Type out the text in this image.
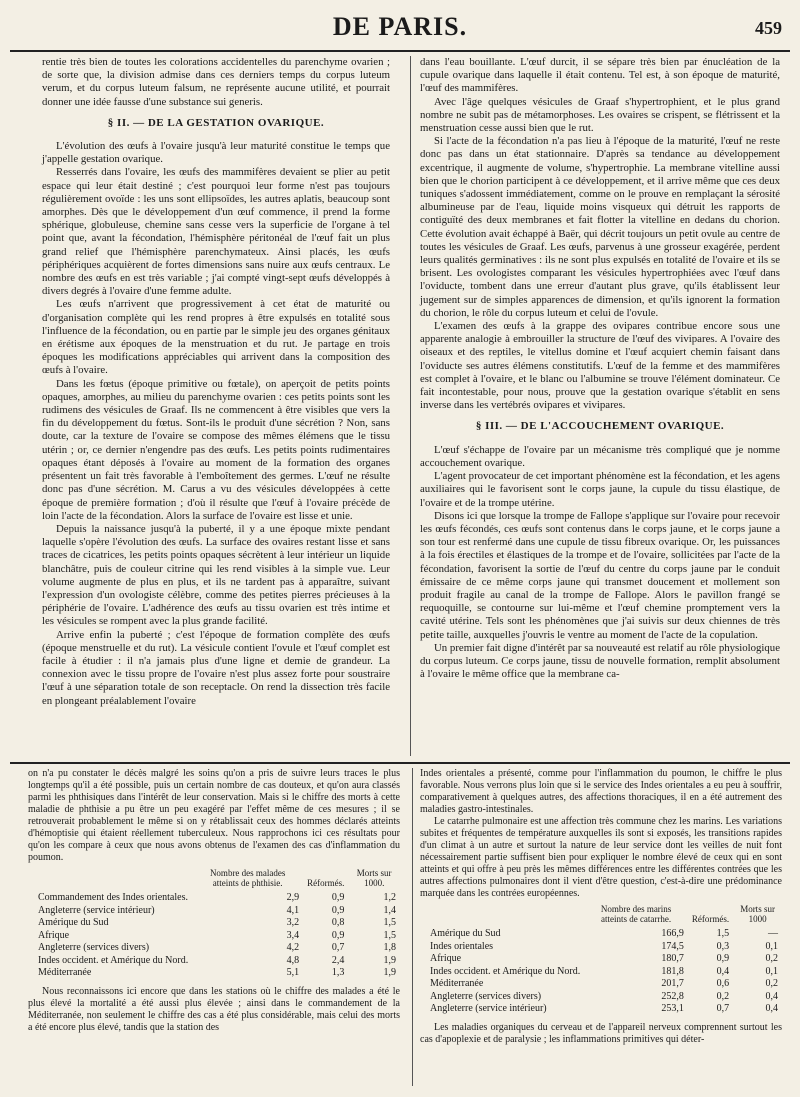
DE PARIS.	459

rentie très bien de toutes les colorations accidentelles du parenchyme ovarien ; de sorte que, la division admise dans ces derniers temps du corpus luteum verum, et du corpus luteum falsum, ne représente aucune utilité, et pourrait donner une idée fausse d'une substance sui generis.

§ II. — DE LA GESTATION OVARIQUE.

L'évolution des œufs à l'ovaire jusqu'à leur maturité constitue le temps que j'appelle gestation ovarique.

Resserrés dans l'ovaire, les œufs des mammifères devaient se plier au petit espace qui leur était destiné ; c'est pourquoi leur forme n'est pas toujours régulièrement ovoïde : les uns sont ellipsoïdes, les autres aplatis, beaucoup sont amorphes. Dès que le développement d'un œuf commence, il prend la forme sphérique, globuleuse, chemine sans cesse vers la superficie de l'organe à tel point que, avant la fécondation, l'hémisphère péritonéal de l'œuf fait un plus grand relief que l'hémisphère parenchymateux. Ainsi placés, les œufs périphériques acquièrent de fortes dimensions sans nuire aux œufs centraux. Le nombre des œufs en est très variable ; j'ai compté vingt-sept œufs développés à divers degrés à l'ovaire d'une femme adulte.

Les œufs n'arrivent que progressivement à cet état de maturité ou d'organisation complète qui les rend propres à être expulsés en totalité sous l'influence de la fécondation, ou en partie par le simple jeu des organes génitaux en érétisme aux époques de la menstruation et du rut. Je partage en trois époques les modifications appréciables qui arrivent dans la composition des œufs à l'ovaire.

Dans les fœtus (époque primitive ou fœtale), on aperçoit de petits points opaques, amorphes, au milieu du parenchyme ovarien : ces petits points sont les rudimens des vésicules de Graaf. Ils ne commencent à être visibles que vers la fin du développement du fœtus. Sont-ils le produit d'une sécrétion ? Non, sans doute, car la texture de l'ovaire se compose des mêmes élémens que le tissu utérin ; or, ce dernier n'engendre pas des œufs. Les petits points rudimentaires opaques étant déposés à l'ovaire au moment de la formation des organes présentent un fait très favorable à l'emboîtement des germes. L'œuf ne résulte donc pas d'une sécrétion. M. Carus a vu des vésicules développées à cette époque de première formation ; d'où il résulte que l'œuf à l'ovaire précède de loin l'acte de la fécondation. Alors la surface de l'ovaire est lisse et unie.

Depuis la naissance jusqu'à la puberté, il y a une époque mixte pendant laquelle s'opère l'évolution des œufs. La surface des ovaires restant lisse et sans traces de cicatrices, les petits points opaques sécrètent à leur intérieur un liquide blanchâtre, puis de couleur citrine qui les rend visibles à la simple vue. Leur volume augmente de plus en plus, et ils ne tardent pas à apparaître, suivant l'expression d'un ovologiste célèbre, comme des petites pierres précieuses à la périphérie de l'ovaire. L'adhérence des œufs au tissu ovarien est très intime et les vésicules se rompent avec la plus grande facilité.

Arrive enfin la puberté ; c'est l'époque de formation complète des œufs (époque menstruelle et du rut). La vésicule contient l'ovule et l'œuf complet est facile à étudier : il n'a jamais plus d'une ligne et demie de grandeur. La connexion avec le tissu propre de l'ovaire n'est plus assez forte pour soustraire l'œuf à une séparation totale de son receptacle. On rend la dissection très facile en plongeant préalablement l'ovaire

dans l'eau bouillante. L'œuf durcit, il se sépare très bien par énucléation de la cupule ovarique dans laquelle il était contenu. Tel est, à son époque de maturité, l'œuf des mammifères.

Avec l'âge quelques vésicules de Graaf s'hypertrophient, et le plus grand nombre ne subit pas de métamorphoses. Les ovaires se crispent, se flétrissent et la menstruation cesse aussi bien que le rut.

Si l'acte de la fécondation n'a pas lieu à l'époque de la maturité, l'œuf ne reste donc pas dans un état stationnaire. D'après sa tendance au développement excentrique, il augmente de volume, s'hypertrophie. La membrane vitelline aussi bien que le chorion participent à ce développement, et il arrive même que ces deux tuniques s'adossent immédiatement, comme on le prouve en remplaçant la sérosité albumineuse par de l'eau, liquide moins visqueux qui détruit les rapports de contiguïté des deux membranes et fait flotter la vitelline en dedans du chorion. Cette évolution avait échappé à Baër, qui décrit toujours un petit ovule au centre de toutes les vésicules de Graaf. Les œufs, parvenus à une grosseur exagérée, perdent leurs qualités germinatives : ils ne sont plus expulsés en totalité de l'ovaire et ils se brisent. Les ovologistes comparant les vésicules hypertrophiées avec l'œuf dans l'oviducte, tombent dans une erreur d'autant plus grave, qu'ils établissent leur jugement sur de simples apparences de dimension, et qu'ils ignorent la formation du chorion, le rôle du corpus luteum et celui de l'ovule.

L'examen des œufs à la grappe des ovipares contribue encore sous une apparente analogie à embrouiller la structure de l'œuf des vivipares. A l'ovaire des oiseaux et des reptiles, le vitellus domine et l'œuf acquiert chemin faisant dans l'oviducte ses autres élémens constitutifs. L'œuf de la femme et des mammifères est complet à l'ovaire, et le blanc ou l'albumine se trouve l'élément dominateur. Ce fait incontestable, pour nous, prouve que la gestation ovarique s'établit en sens inverse dans les vertébrés ovipares et vivipares.

§ III. — DE L'ACCOUCHEMENT OVARIQUE.

L'œuf s'échappe de l'ovaire par un mécanisme très compliqué que je nomme accouchement ovarique.

L'agent provocateur de cet important phénomène est la fécondation, et les agens auxiliaires qui le favorisent sont le corps jaune, la cupule du tissu élastique, de l'ovaire et de la trompe utérine.

Disons ici que lorsque la trompe de Fallope s'applique sur l'ovaire pour recevoir les œufs fécondés, ces œufs sont contenus dans le corps jaune, et le corps jaune a son tour est renfermé dans une cupule de tissu fibreux ovarique. Or, les puissances à la fois érectiles et élastiques de la trompe et de l'ovaire, sollicitées par l'acte de la fécondation, favorisent la sortie de l'œuf du centre du corps jaune par le conduit émissaire de ce même corps jaune qui transmet doucement et mollement son produit fragile au canal de la trompe de Fallope. Alors le pavillon frangé se requoquille, se contourne sur lui-même et l'œuf chemine promptement vers la cavité utérine. Tels sont les phénomènes que j'ai suivis sur deux chiennes de très petite taille, auxquelles j'ouvris le ventre au moment de l'acte de la copulation.

Un premier fait digne d'intérêt par sa nouveauté est relatif au rôle physiologique du corpus luteum. Ce corps jaune, tissu de nouvelle formation, remplit absolument à l'ovaire le même office que la membrane ca-

on n'a pu constater le décès malgré les soins qu'on a pris de suivre leurs traces le plus longtemps qu'il a été possible, puis un certain nombre de cas douteux, et qu'on aura classés parmi les phthisiques dans l'intérêt de leur conservation. Mais si le chiffre des morts à cette maladie de phthisie a pu être un peu exagéré par l'effet même de ces mesures ; il se retrouverait probablement le même si on y rétablissait ceux des hommes déclarés atteints d'hémoptisie qui étaient réellement tuberculeux. Nous rapprochons ici ces résultats pour qu'on les compare à ceux que nous avons obtenus de l'examen des cas d'inflammation du poumon.

	Nombre des malades atteints de phthisie.	Réformés.	Morts sur 1000.
Commandement des Indes orientales.	2,9	0,9	1,2
Angleterre (service intérieur)	4,1	0,9	1,4
Amérique du Sud	3,2	0,8	1,5
Afrique	3,4	0,9	1,5
Angleterre (services divers)	4,2	0,7	1,8
Indes occident. et Amérique du Nord.	4,8	2,4	1,9
Méditerranée	5,1	1,3	1,9

Nous reconnaissons ici encore que dans les stations où le chiffre des malades a été le plus élevé la mortalité a été aussi plus élevée ; ainsi dans le commandement de la Méditerranée, non seulement le chiffre des cas a été plus considérable, mais celui des morts a été encore plus élevé, tandis que la station des

Indes orientales a présenté, comme pour l'inflammation du poumon, le chiffre le plus favorable. Nous verrons plus loin que si le service des Indes orientales a eu peu à souffrir, comparativement à quelques autres, des affections thoraciques, il en a été autrement des maladies gastro-intestinales.

Le catarrhe pulmonaire est une affection très commune chez les marins. Les variations subites et fréquentes de température auxquelles ils sont si exposés, les transitions rapides d'un climat à un autre et surtout la nature de leur service dont les veilles de nuit font nécessairement partie suffisent bien pour expliquer le nombre élevé de ceux qui en sont atteints et qui offre à peu près les mêmes différences entre les différentes contrées que les autres affections pulmonaires dont il vient d'être question, c'est-à-dire une prédominance marquée dans les contrées européennes.

	Nombre des marins atteints de catarrhe.	Réformés.	Morts sur 1000
Amérique du Sud	166,9	1,5	—
Indes orientales	174,5	0,3	0,1
Afrique	180,7	0,9	0,2
Indes occident. et Amérique du Nord.	181,8	0,4	0,1
Méditerranée	201,7	0,6	0,2
Angleterre (services divers)	252,8	0,2	0,4
Angleterre (service intérieur)	253,1	0,7	0,4

Les maladies organiques du cerveau et de l'appareil nerveux comprennent surtout les cas d'apoplexie et de paralysie ; les inflammations primitives qui déter-
